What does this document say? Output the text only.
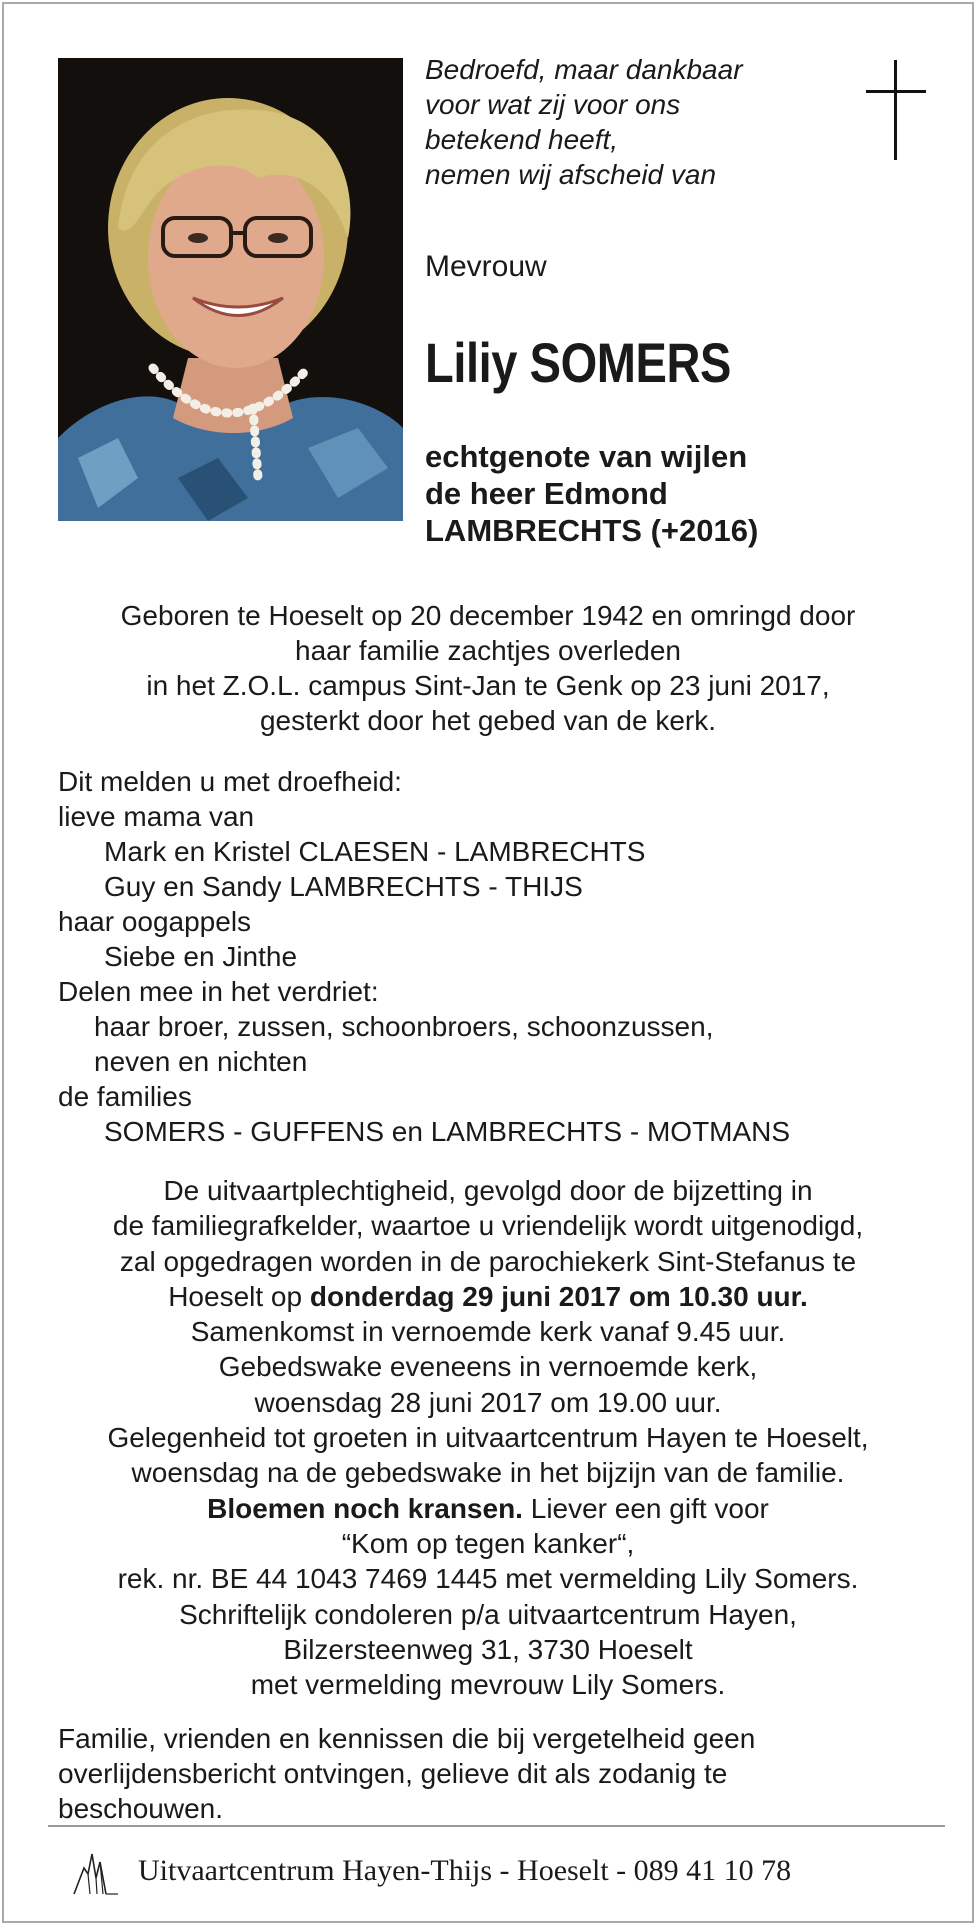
Bedroefd, maar dankbaar
voor wat zij voor ons
betekend heeft,
nemen wij afscheid van
Mevrouw
Liliy SOMERS
echtgenote van wijlen
de heer Edmond
LAMBRECHTS (+2016)
Geboren te Hoeselt op 20 december 1942 en omringd door
haar familie zachtjes overleden
in het Z.O.L. campus Sint-Jan te Genk op 23 juni 2017,
gesterkt door het gebed van de kerk.
Dit melden u met droefheid:
lieve mama van
Mark en Kristel CLAESEN - LAMBRECHTS
Guy en Sandy LAMBRECHTS - THIJS
haar oogappels
Siebe en Jinthe
Delen mee in het verdriet:
haar broer, zussen, schoonbroers, schoonzussen,
neven en nichten
de families
SOMERS - GUFFENS en LAMBRECHTS - MOTMANS
De uitvaartplechtigheid, gevolgd door de bijzetting in
de familiegrafkelder, waartoe u vriendelijk wordt uitgenodigd,
zal opgedragen worden in de parochiekerk Sint-Stefanus te
Hoeselt op donderdag 29 juni 2017 om 10.30 uur.
Samenkomst in vernoemde kerk vanaf 9.45 uur.
Gebedswake eveneens in vernoemde kerk,
woensdag 28 juni 2017 om 19.00 uur.
Gelegenheid tot groeten in uitvaartcentrum Hayen te Hoeselt,
woensdag na de gebedswake in het bijzijn van de familie.
Bloemen noch kransen. Liever een gift voor
“Kom op tegen kanker“,
rek. nr. BE 44 1043 7469 1445 met vermelding Lily Somers.
Schriftelijk condoleren p/a uitvaartcentrum Hayen,
Bilzersteenweg 31, 3730 Hoeselt
met vermelding mevrouw Lily Somers.
Familie, vrienden en kennissen die bij vergetelheid geen
overlijdensbericht ontvingen, gelieve dit als zodanig te
beschouwen.
Uitvaartcentrum Hayen-Thijs - Hoeselt - 089 41 10 78
